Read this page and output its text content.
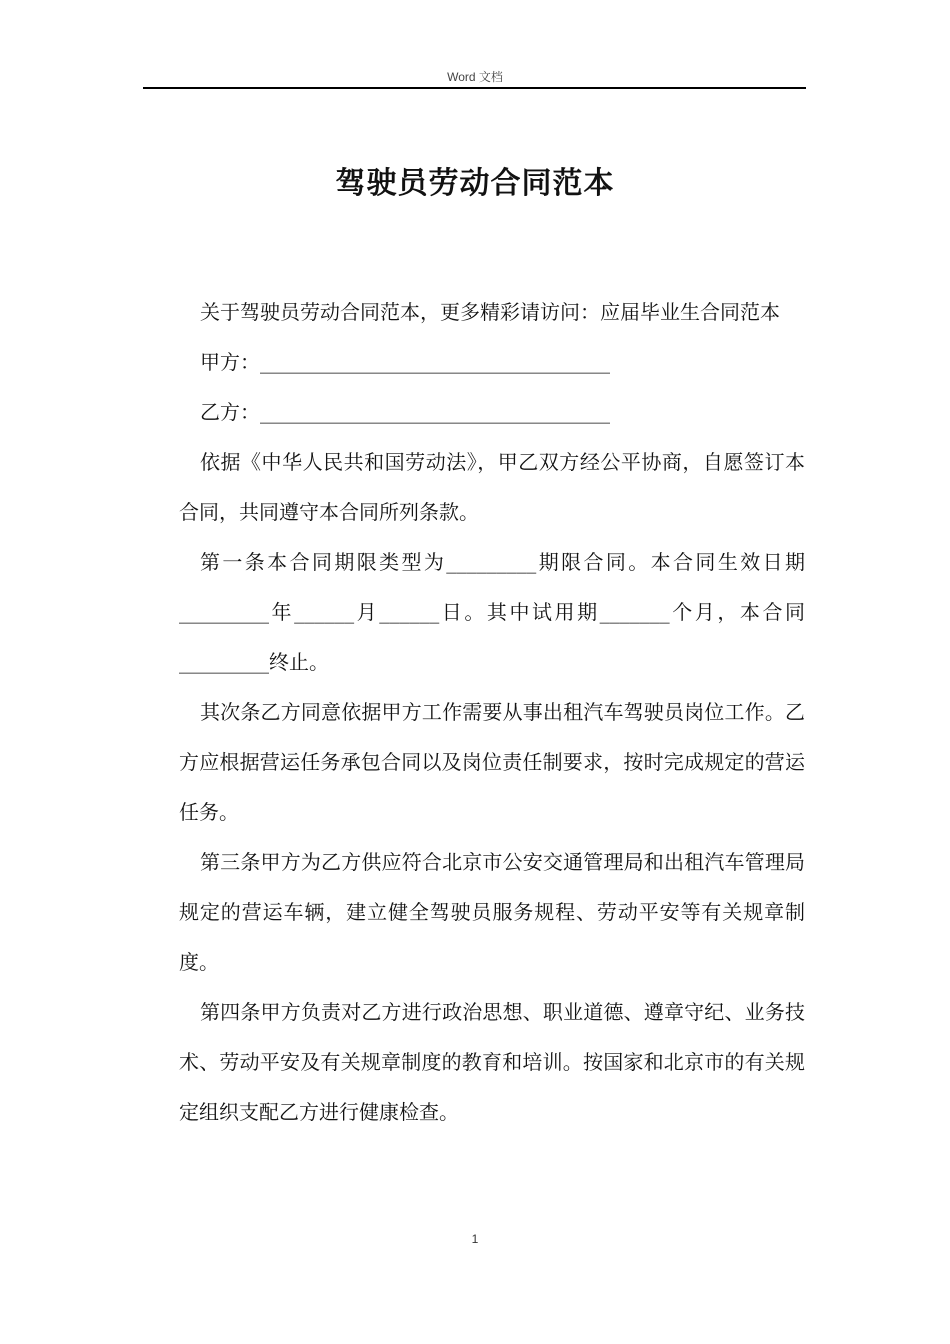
Word 文档
驾驶员劳动合同范本

关于驾驶员劳动合同范本，更多精彩请访问：应届毕业生合同范本

甲方：___________________________________

乙方：___________________________________

依据《中华人民共和国劳动法》，甲乙双方经公平协商，自愿签订本合同，共同遵守本合同所列条款。

第一条本合同期限类型为_________期限合同。本合同生效日期_________年______月______日。其中试用期_______个月，本合同_________终止。

其次条乙方同意依据甲方工作需要从事出租汽车驾驶员岗位工作。乙方应根据营运任务承包合同以及岗位责任制要求，按时完成规定的营运任务。

第三条甲方为乙方供应符合北京市公安交通管理局和出租汽车管理局规定的营运车辆，建立健全驾驶员服务规程、劳动平安等有关规章制度。

第四条甲方负责对乙方进行政治思想、职业道德、遵章守纪、业务技术、劳动平安及有关规章制度的教育和培训。按国家和北京市的有关规定组织支配乙方进行健康检查。

1
